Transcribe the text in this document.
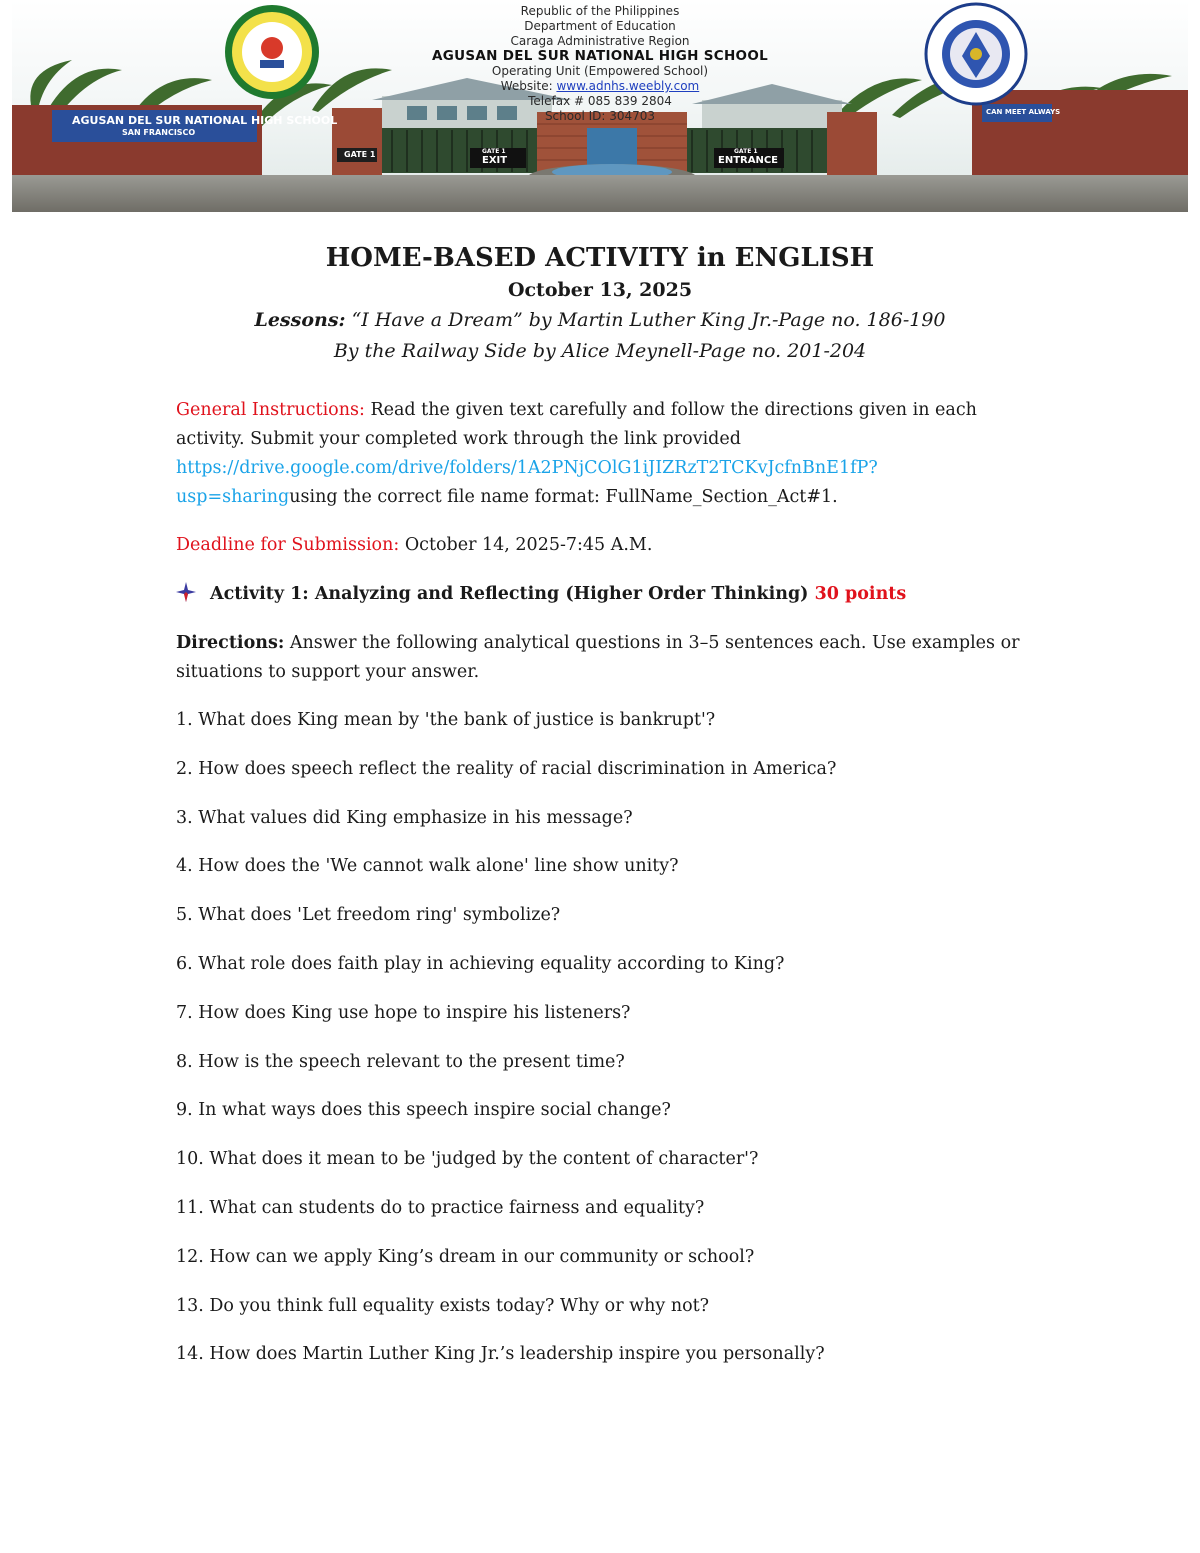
Republic of the Philippines
Department of Education
Caraga Administrative Region
AGUSAN DEL SUR NATIONAL HIGH SCHOOL
Operating Unit (Empowered School)
Website: www.adnhs.weebly.com
Telefax # 085 839 2804
School ID: 304703
AGUSAN DEL SUR NATIONAL HIGH SCHOOL
SAN FRANCISCO
GATE 1	GATE 1
EXIT
GATE 1
ENTRANCE
CAN MEET ALWAYS
HOME-BASED ACTIVITY in ENGLISH
October 13, 2025
Lessons: “I Have a Dream” by Martin Luther King Jr.-Page no. 186-190
By the Railway Side by Alice Meynell-Page no. 201-204
General Instructions: Read the given text carefully and follow the directions given in each activity. Submit your completed work through the link provided
https://drive.google.com/drive/folders/1A2PNjCOlG1iJIZRzT2TCKvJcfnBnE1fP?
usp=sharingusing the correct file name format: FullName_Section_Act#1.
Deadline for Submission: October 14, 2025-7:45 A.M.
Activity 1: Analyzing and Reflecting (Higher Order Thinking) 30 points
Directions: Answer the following analytical questions in 3–5 sentences each. Use examples or situations to support your answer.
1. What does King mean by 'the bank of justice is bankrupt'?
2. How does speech reflect the reality of racial discrimination in America?
3. What values did King emphasize in his message?
4. How does the 'We cannot walk alone' line show unity?
5. What does 'Let freedom ring' symbolize?
6. What role does faith play in achieving equality according to King?
7. How does King use hope to inspire his listeners?
8. How is the speech relevant to the present time?
9. In what ways does this speech inspire social change?
10. What does it mean to be 'judged by the content of character'?
11. What can students do to practice fairness and equality?
12. How can we apply King’s dream in our community or school?
13. Do you think full equality exists today? Why or why not?
14. How does Martin Luther King Jr.’s leadership inspire you personally?
